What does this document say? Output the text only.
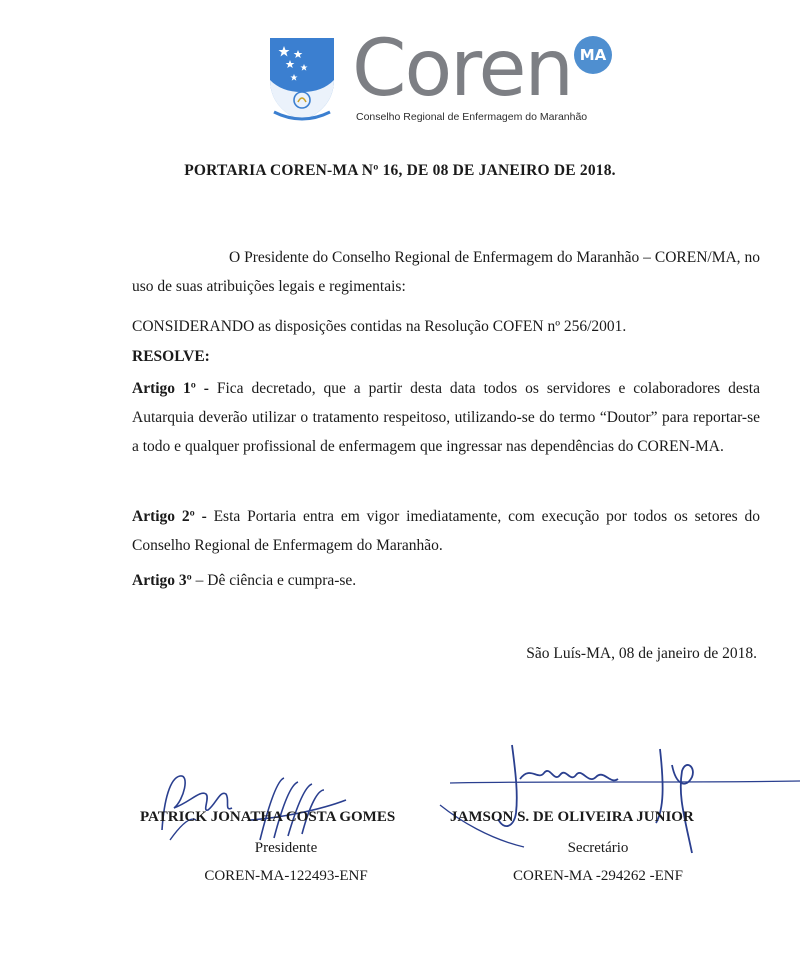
Coren MA
Conselho Regional de Enfermagem do Maranhão
PORTARIA COREN-MA Nº 16, DE 08 DE JANEIRO DE 2018.

O Presidente do Conselho Regional de Enfermagem do Maranhão – COREN/MA, no uso de suas atribuições legais e regimentais:

CONSIDERANDO as disposições contidas na Resolução COFEN nº 256/2001.

RESOLVE:

Artigo 1º - Fica decretado, que a partir desta data todos os servidores e colaboradores desta Autarquia deverão utilizar o tratamento respeitoso, utilizando-se do termo “Doutor” para reportar-se a todo e qualquer profissional de enfermagem que ingressar nas dependências do COREN-MA.

Artigo 2º - Esta Portaria entra em vigor imediatamente, com execução por todos os setores do Conselho Regional de Enfermagem do Maranhão.

Artigo 3º – Dê ciência e cumpra-se.

São Luís-MA, 08 de janeiro de 2018.
PATRICK JONATHA COSTA GOMES
Presidente
COREN-MA-122493-ENF
JAMSON S. DE OLIVEIRA JUNIOR
Secretário
COREN-MA -294262 -ENF
